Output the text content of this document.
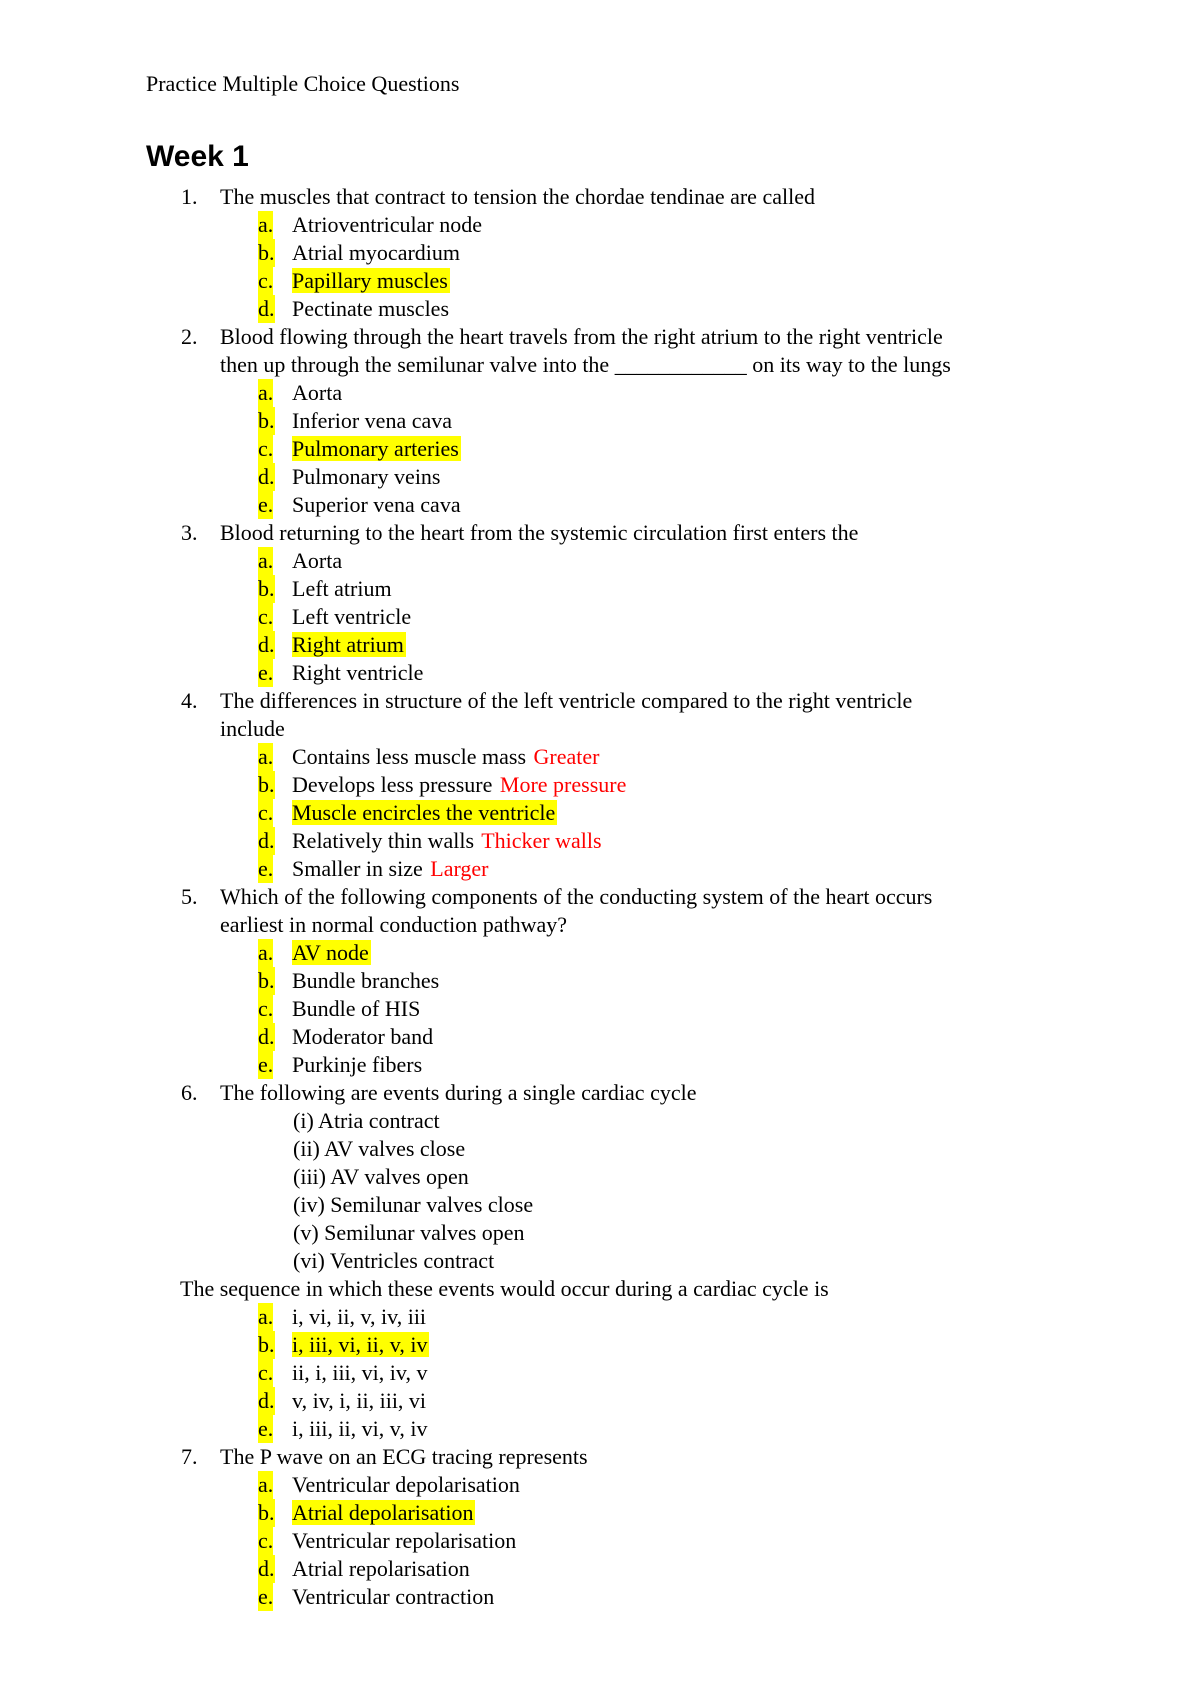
Practice Multiple Choice Questions
Week 1
1. The muscles that contract to tension the chordae tendinae are called
a. Atrioventricular node
b. Atrial myocardium
c. Papillary muscles
d. Pectinate muscles
2. Blood flowing through the heart travels from the right atrium to the right ventricle
then up through the semilunar valve into the ____________ on its way to the lungs
a. Aorta
b. Inferior vena cava
c. Pulmonary arteries
d. Pulmonary veins
e. Superior vena cava
3. Blood returning to the heart from the systemic circulation first enters the
a. Aorta
b. Left atrium
c. Left ventricle
d. Right atrium
e. Right ventricle
4. The differences in structure of the left ventricle compared to the right ventricle
include
a. Contains less muscle mass Greater
b. Develops less pressure More pressure
c. Muscle encircles the ventricle
d. Relatively thin walls Thicker walls
e. Smaller in size Larger
5. Which of the following components of the conducting system of the heart occurs
earliest in normal conduction pathway?
a. AV node
b. Bundle branches
c. Bundle of HIS
d. Moderator band
e. Purkinje fibers
6. The following are events during a single cardiac cycle
(i) Atria contract
(ii) AV valves close
(iii) AV valves open
(iv) Semilunar valves close
(v) Semilunar valves open
(vi) Ventricles contract
The sequence in which these events would occur during a cardiac cycle is
a. i, vi, ii, v, iv, iii
b. i, iii, vi, ii, v, iv
c. ii, i, iii, vi, iv, v
d. v, iv, i, ii, iii, vi
e. i, iii, ii, vi, v, iv
7. The P wave on an ECG tracing represents
a. Ventricular depolarisation
b. Atrial depolarisation
c. Ventricular repolarisation
d. Atrial repolarisation
e. Ventricular contraction
